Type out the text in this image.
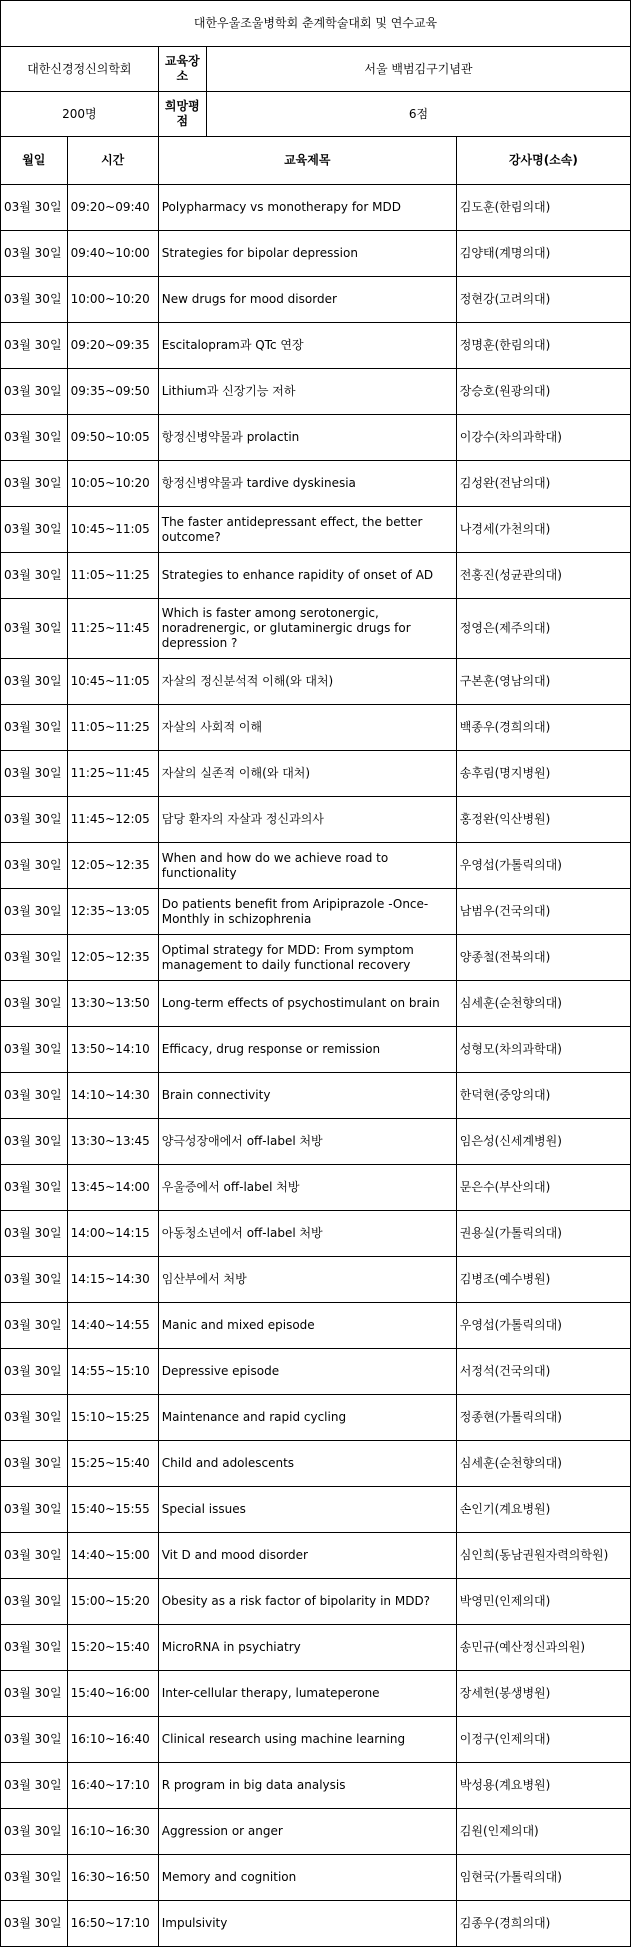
대한우울조울병학회 춘계학술대회 및 연수교육				
대한신경정신의학회		교육장소	서울 백범김구기념관	
200명		희망평점	6점	
월일	시간	교육제목		강사명(소속)
03월 30일	09:20~09:40	Polypharmacy vs monotherapy for MDD		김도훈(한림의대)
03월 30일	09:40~10:00	Strategies for bipolar depression		김양태(계명의대)
03월 30일	10:00~10:20	New drugs for mood disorder		정현강(고려의대)
03월 30일	09:20~09:35	Escitalopram과 QTc 연장		정명훈(한림의대)
03월 30일	09:35~09:50	Lithium과 신장기능 저하		장승호(원광의대)
03월 30일	09:50~10:05	항정신병약물과 prolactin		이강수(차의과학대)
03월 30일	10:05~10:20	항정신병약물과 tardive dyskinesia		김성완(전남의대)
03월 30일	10:45~11:05	The faster antidepressant effect, the better outcome?		나경세(가천의대)
03월 30일	11:05~11:25	Strategies to enhance rapidity of onset of AD		전홍진(성균관의대)
03월 30일	11:25~11:45	Which is faster among serotonergic, noradrenergic, or glutaminergic drugs for depression ?		정영은(제주의대)
03월 30일	10:45~11:05	자살의 정신분석적 이해(와 대처)		구본훈(영남의대)
03월 30일	11:05~11:25	자살의 사회적 이해		백종우(경희의대)
03월 30일	11:25~11:45	자살의 실존적 이해(와 대처)		송후림(명지병원)
03월 30일	11:45~12:05	담당 환자의 자살과 정신과의사		홍정완(익산병원)
03월 30일	12:05~12:35	When and how do we achieve road to functionality		우영섭(가톨릭의대)
03월 30일	12:35~13:05	Do patients benefit from Aripiprazole -Once-Monthly in schizophrenia		남범우(건국의대)
03월 30일	12:05~12:35	Optimal strategy for MDD: From symptom management to daily functional recovery		양종철(전북의대)
03월 30일	13:30~13:50	Long-term effects of psychostimulant on brain		심세훈(순천향의대)
03월 30일	13:50~14:10	Efficacy, drug response or remission		성형모(차의과학대)
03월 30일	14:10~14:30	Brain connectivity		한덕현(중앙의대)
03월 30일	13:30~13:45	양극성장애에서 off-label 처방		임은성(신세계병원)
03월 30일	13:45~14:00	우울증에서 off-label 처방		문은수(부산의대)
03월 30일	14:00~14:15	아동청소년에서 off-label 처방		권용실(가톨릭의대)
03월 30일	14:15~14:30	임산부에서 처방		김병조(예수병원)
03월 30일	14:40~14:55	Manic and mixed episode		우영섭(가톨릭의대)
03월 30일	14:55~15:10	Depressive episode		서정석(건국의대)
03월 30일	15:10~15:25	Maintenance and rapid cycling		정종현(가톨릭의대)
03월 30일	15:25~15:40	Child and adolescents		심세훈(순천향의대)
03월 30일	15:40~15:55	Special issues		손인기(계요병원)
03월 30일	14:40~15:00	Vit D and mood disorder		심인희(동남권원자력의학원)
03월 30일	15:00~15:20	Obesity as a risk factor of bipolarity in MDD?		박영민(인제의대)
03월 30일	15:20~15:40	MicroRNA in psychiatry		송민규(예산정신과의원)
03월 30일	15:40~16:00	Inter-cellular therapy, lumateperone		장세헌(봉생병원)
03월 30일	16:10~16:40	Clinical research using machine learning		이정구(인제의대)
03월 30일	16:40~17:10	R program in big data analysis		박성용(계요병원)
03월 30일	16:10~16:30	Aggression or anger		김원(인제의대)
03월 30일	16:30~16:50	Memory and cognition		임현국(가톨릭의대)
03월 30일	16:50~17:10	Impulsivity		김종우(경희의대)
